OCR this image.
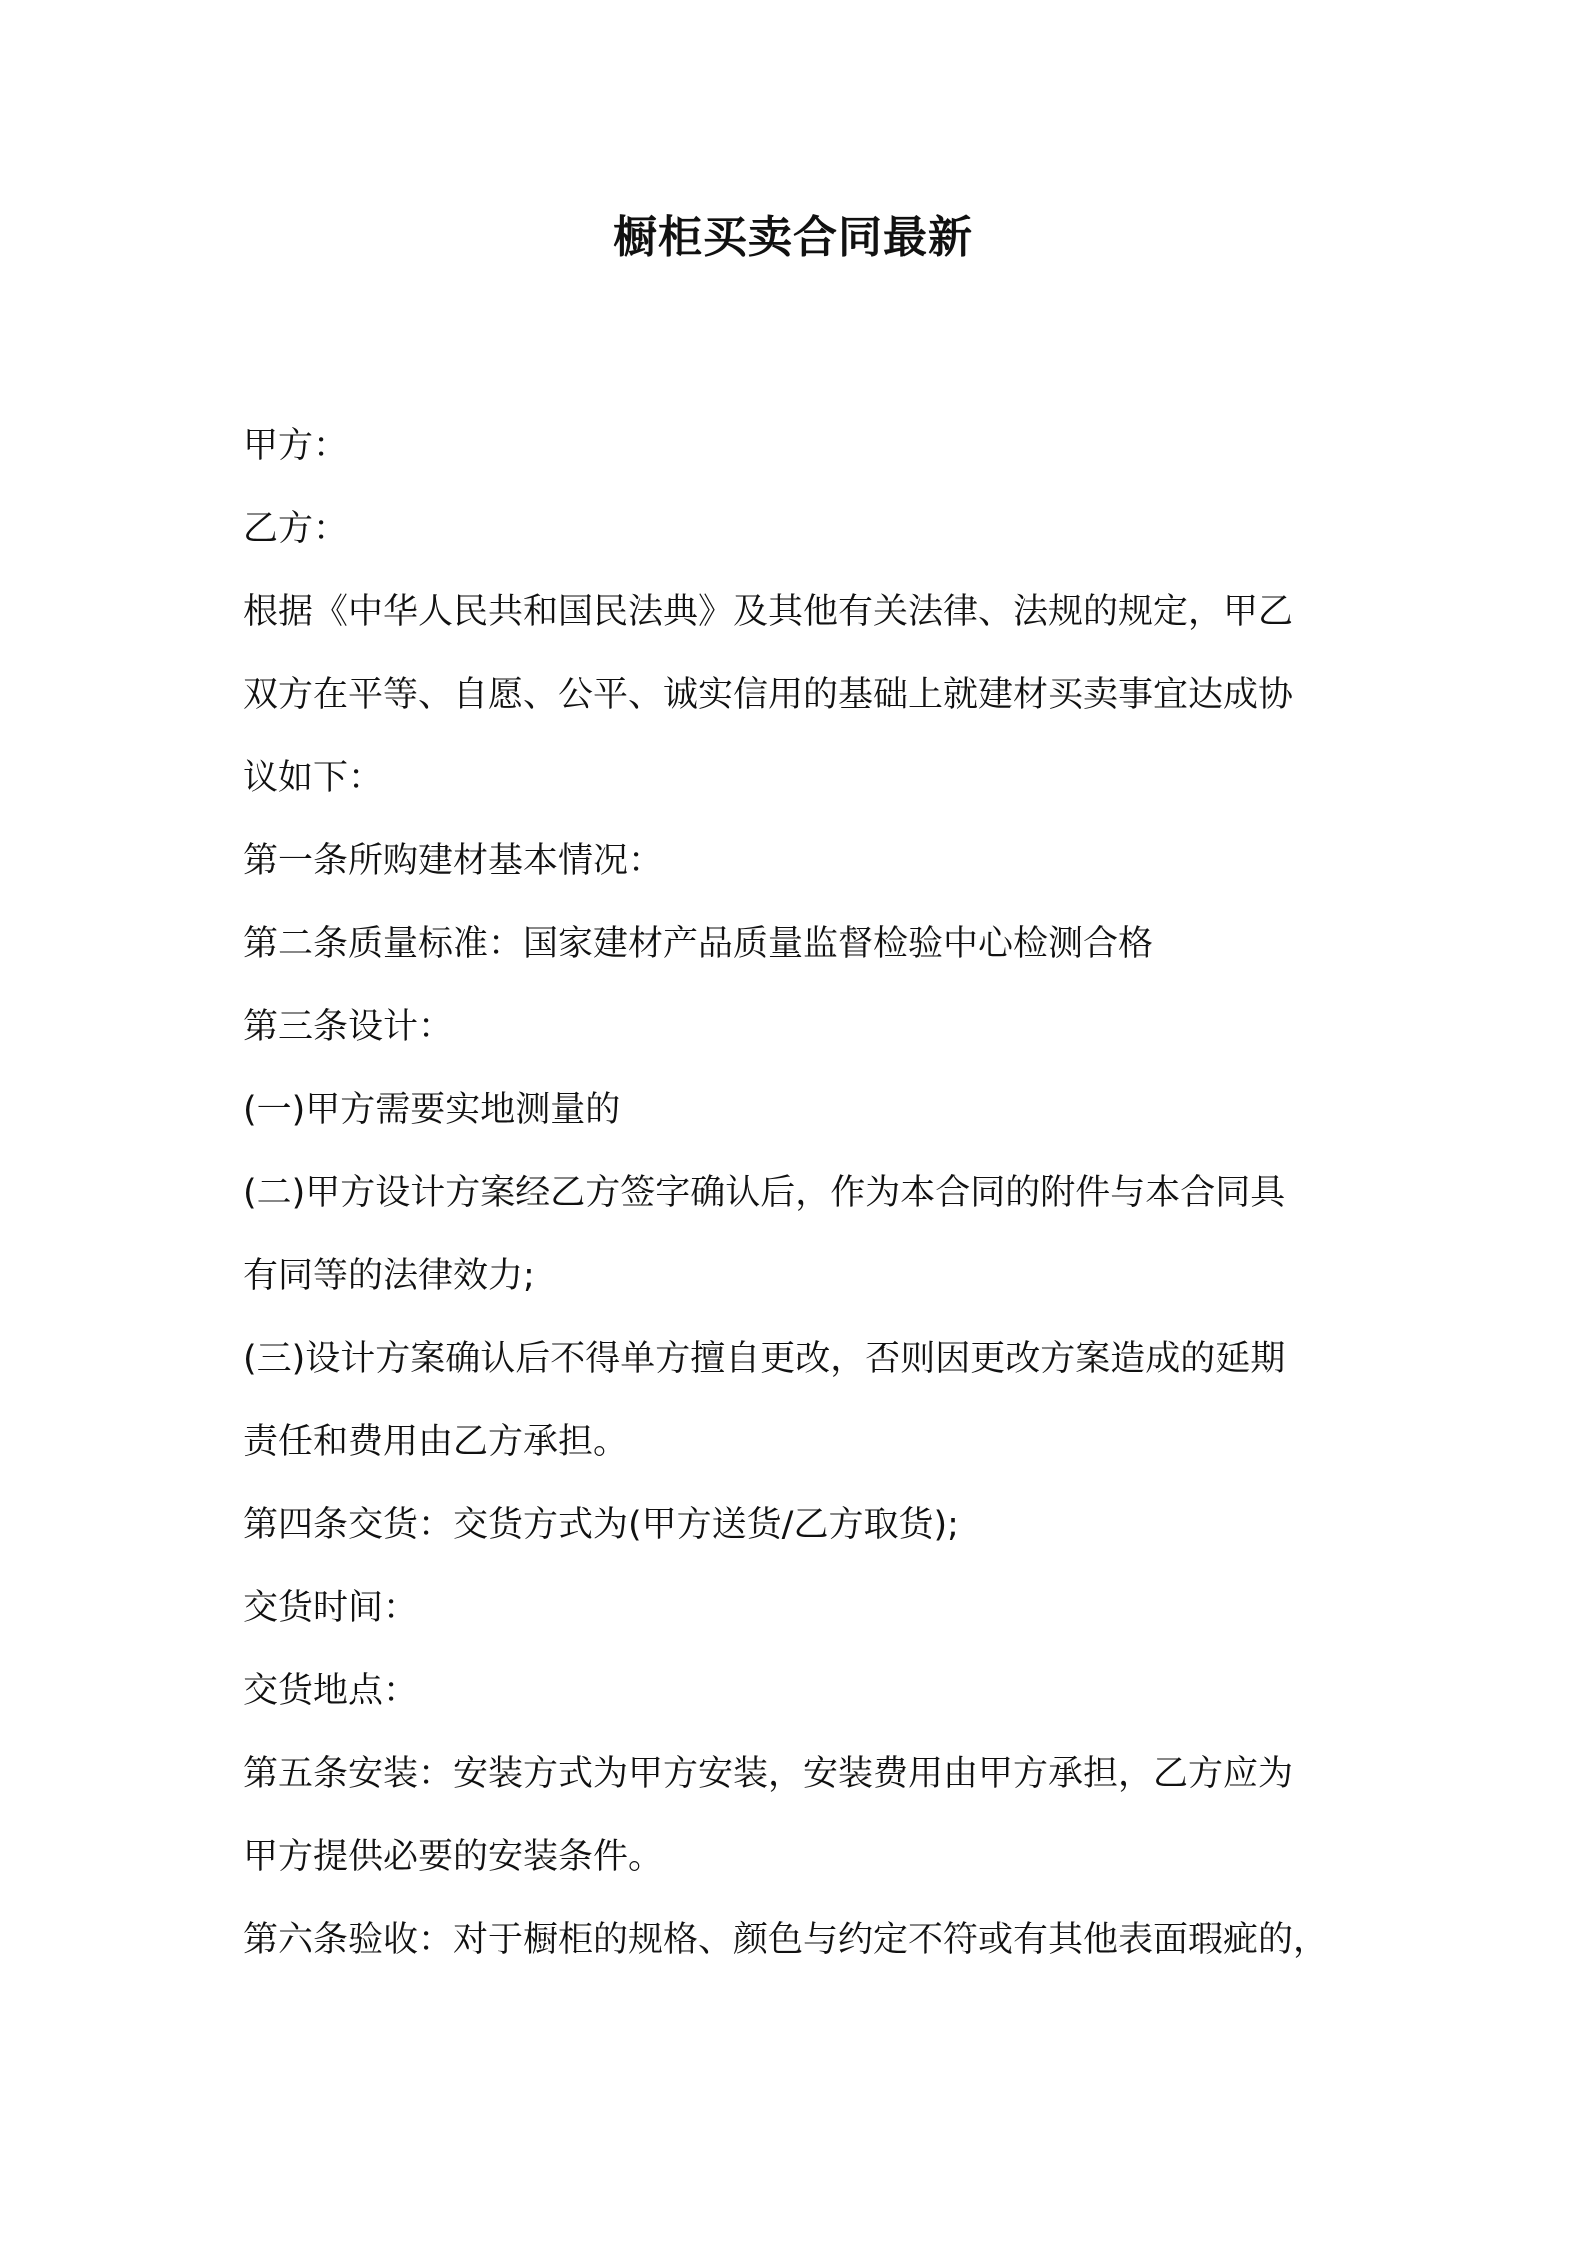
橱柜买卖合同最新
甲方：
乙方：
根据《中华人民共和国民法典》及其他有关法律、法规的规定，甲乙
双方在平等、自愿、公平、诚实信用的基础上就建材买卖事宜达成协
议如下：
第一条所购建材基本情况：
第二条质量标准：国家建材产品质量监督检验中心检测合格
第三条设计：
(一)甲方需要实地测量的
(二)甲方设计方案经乙方签字确认后，作为本合同的附件与本合同具
有同等的法律效力;
(三)设计方案确认后不得单方擅自更改，否则因更改方案造成的延期
责任和费用由乙方承担。
第四条交货：交货方式为(甲方送货/乙方取货);
交货时间：
交货地点：
第五条安装：安装方式为甲方安装，安装费用由甲方承担，乙方应为
甲方提供必要的安装条件。
第六条验收：对于橱柜的规格、颜色与约定不符或有其他表面瑕疵的，
